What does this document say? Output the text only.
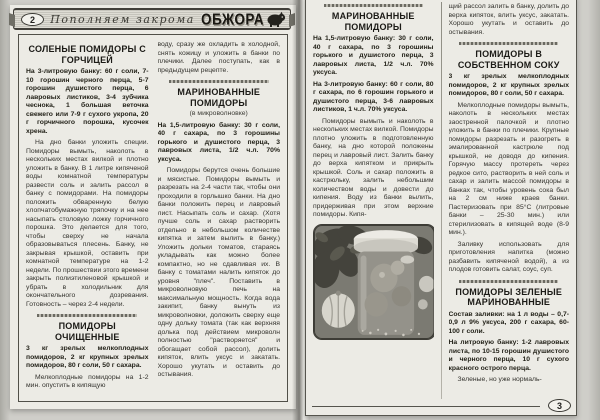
2	Пополняем закрома ОБЖОРА
СОЛЕНЫЕ ПОМИДОРЫ С ГОРЧИЦЕЙ

На 3-литровую банку: 60 г соли, 7-10 горошин черного перца, 5-7 горошин душистого перца, 6 лавровых листиков, 3-4 зубчика чеснока, 1 большая веточка свежего или 7-9 г сухого укропа, 20 г горчичного порошка, кусочек хрена.

На дно банки уложить специи. Помидоры вымыть, наколоть в нескольких местах вилкой и плотно уложить в банку. В 1 литре кипяченой воды комнатной температуры развести соль и залить рассол в банку с помидорами. На помидоры положить обваренную белую хлопчатобумажную тряпочку и на нее насыпать столовую ложку горчичного порошка. Это делается для того, чтобы сверху не начала образовываться плесень. Банку, не закрывая крышкой, оставить при комнатной температуре на 1-2 недели. По прошествии этого времени закрыть полиэтиленовой крышкой и убрать в холодильник для окончательного дозревания. Готовность – через 2-4 недели.

ПОМИДОРЫ ОЧИЩЕННЫЕ

3 кг зрелых мелкоплодных помидоров, 2 кг крупных зрелых помидоров, 80 г соли, 50 г сахара.

Мелкоплодные помидоры на 1-2 мин. опустить в кипящую

воду, сразу же охладить в холодной, снять кожицу и уложить в банки по плечики. Далее поступать, как в предыдущем рецепте.

МАРИНОВАННЫЕ ПОМИДОРЫ
(в микроволновке)

На 1,5-литровую банку: 30 г соли, 40 г сахара, по 3 горошины горького и душистого перца, 3 лавровых листа, 1/2 ч.л. 70% уксуса.

Помидоры берутся очень большие и мясистые. Помидоры вымыть и разрезать на 2-4 части так, чтобы они проходили в горлышко банки. На дно банки положить перец и лавровый лист. Насыпать соль и сахар. (Хотя лучше соль и сахар растворить отдельно в небольшом количестве кипятка и затем вылить в банку.) Уложить дольки томатов, стараясь укладывать как можно более компактно, но не сдавливая их. В банку с томатами налить кипяток до уровня "плеч". Поставить в микроволновую печь на максимальную мощность. Когда вода закипит, банку вынуть из микроволновки, доложить сверху еще одну дольку томата (так как верхняя долька под действием микроволн полностью "растворяется" и обогащает собой рассол), долить кипяток, влить уксус и закатать. Хорошо укутать и оставить до остывания.

МАРИНОВАННЫЕ ПОМИДОРЫ

На 1,5-литровую банку: 30 г соли, 40 г сахара, по 3 горошины горького и душистого перца, 3 лавровых листа, 1/2 ч.л. 70% уксуса.

На 3-литровую банку: 60 г соли, 80 г сахара, по 6 горошин горького и душистого перца, 3-6 лавровых листиков, 1 ч.л. 70% уксуса.

Помидоры вымыть и наколоть в нескольких местах вилкой. Помидоры плотно уложить в подготовленную банку, на дно которой положены перец и лавровый лист. Залить банку до верха кипятком и прикрыть крышкой. Соль и сахар положить в кастрюльку, залить небольшим количеством воды и довести до кипения. Воду из банки вылить, придерживая при этом верхние помидоры. Кипя-

щий рассол залить в банку, долить до верха кипяток, влить уксус, закатать. Хорошо укутать и оставить до остывания.

ПОМИДОРЫ В СОБСТВЕННОМ СОКУ

3 кг зрелых мелкоплодных помидоров, 2 кг крупных зрелых помидоров, 80 г соли, 50 г сахара.

Мелкоплодные помидоры вымыть, наколоть в нескольких местах заостренной палочкой и плотно уложить в банки по плечики. Крупные помидоры разрезать и разогреть в эмалированной кастрюле под крышкой, не доводя до кипения. Горячую массу протереть через редкое сито, растворить в ней соль и сахар и залить массой помидоры в банках так, чтобы уровень сока был на 2 см ниже краев банки. Пастеризовать при 85°С (литровые банки – 25-30 мин.) или стерилизовать в кипящей воде (8-9 мин.).

Заливку использовать для приготовления напитка (можно разбавить кипяченой водой), а из плодов готовить салат, соус, суп.

ПОМИДОРЫ ЗЕЛЕНЫЕ МАРИНОВАННЫЕ

Состав заливки: на 1 л воды – 0,7-0,9 л 9% уксуса, 200 г сахара, 60-100 г соли.

На литровую банку: 1-2 лавровых листа, по 10-15 горошин душистого и черного перца, 10 г сухого красного острого перца.

Зеленые, но уже нормаль-

3
